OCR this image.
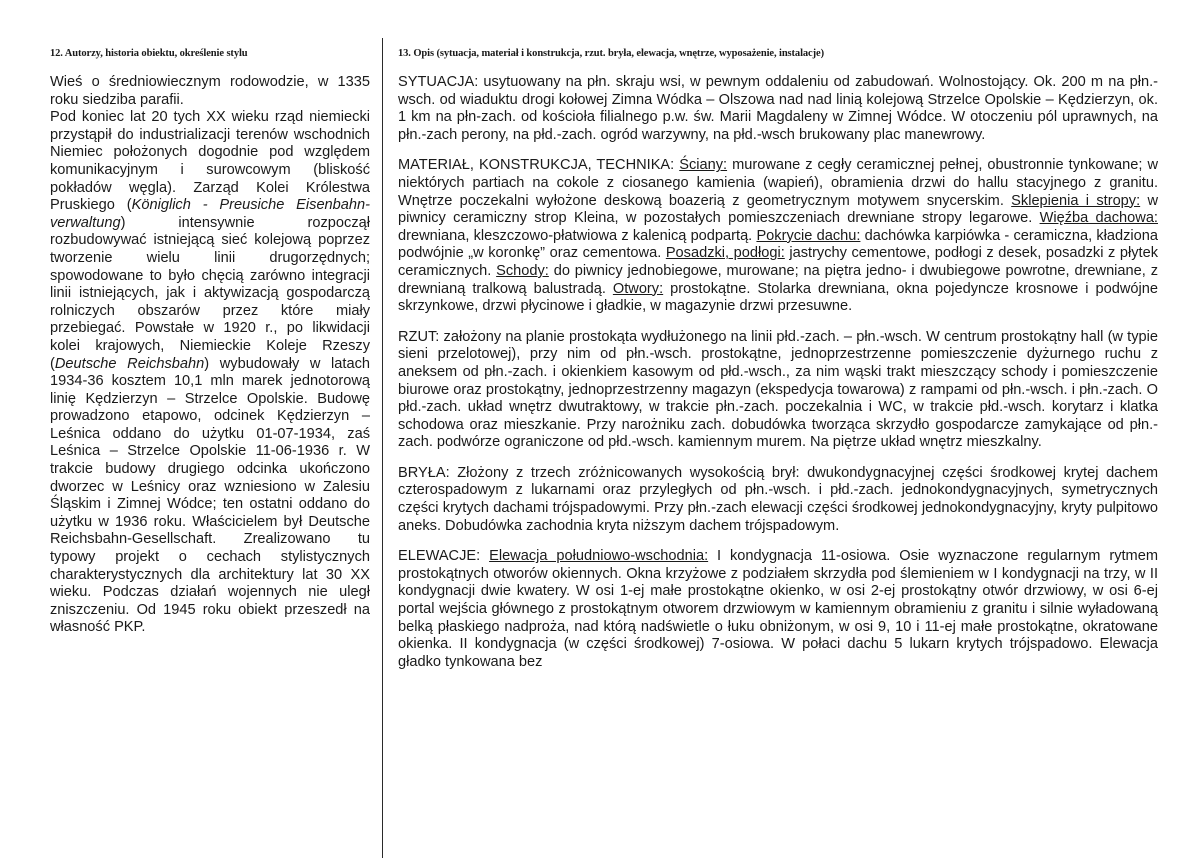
12. Autorzy, historia obiektu, określenie stylu

Wieś o średniowiecznym rodowodzie, w 1335 roku siedziba parafii.
Pod koniec lat 20 tych XX wieku rząd niemiecki przystąpił do industrializacji terenów wschodnich Niemiec położonych dogodnie pod względem komunikacyjnym i surowcowym (bliskość pokładów węgla). Zarząd Kolei Królestwa Pruskiego (Königlich - Preusiche Eisenbahn-verwaltung) intensywnie rozpoczął rozbudowywać istniejącą sieć kolejową poprzez tworzenie wielu linii drugorzędnych; spowodowane to było chęcią zarówno integracji linii istniejących, jak i aktywizacją gospodarczą rolniczych obszarów przez które miały przebiegać. Powstałe w 1920 r., po likwidacji kolei krajowych, Niemieckie Koleje Rzeszy (Deutsche Reichsbahn) wybudowały w latach 1934-36 kosztem 10,1 mln marek jednotorową linię Kędzierzyn – Strzelce Opolskie. Budowę prowadzono etapowo, odcinek Kędzierzyn – Leśnica oddano do użytku 01-07-1934, zaś Leśnica – Strzelce Opolskie 11-06-1936 r. W trakcie budowy drugiego odcinka ukończono dworzec w Leśnicy oraz wzniesiono w Zalesiu Śląskim i Zimnej Wódce; ten ostatni oddano do użytku w 1936 roku. Właścicielem był Deutsche Reichsbahn-Gesellschaft. Zrealizowano tu typowy projekt o cechach stylistycznych charakterystycznych dla architektury lat 30 XX wieku. Podczas działań wojennych nie uległ zniszczeniu. Od 1945 roku obiekt przeszedł na własność PKP.

13. Opis (sytuacja, materiał i konstrukcja, rzut. bryła, elewacja, wnętrze, wyposażenie, instalacje)

SYTUACJA: usytuowany na płn. skraju wsi, w pewnym oddaleniu od zabudowań. Wolnostojący. Ok. 200 m na płn.-wsch. od wiaduktu drogi kołowej Zimna Wódka – Olszowa nad nad linią kolejową Strzelce Opolskie – Kędzierzyn, ok. 1 km na płn-zach. od kościoła filialnego p.w. św. Marii Magdaleny w Zimnej Wódce. W otoczeniu pól uprawnych, na płn.-zach perony, na płd.-zach. ogród warzywny, na płd.-wsch brukowany plac manewrowy.

MATERIAŁ, KONSTRUKCJA, TECHNIKA: Ściany: murowane z cegły ceramicznej pełnej, obustronnie tynkowane; w niektórych partiach na cokole z ciosanego kamienia (wapień), obramienia drzwi do hallu stacyjnego z granitu. Wnętrze poczekalni wyłożone deskową boazerią z geometrycznym motywem snycerskim. Sklepienia i stropy: w piwnicy ceramiczny strop Kleina, w pozostałych pomieszczeniach drewniane stropy legarowe. Więźba dachowa: drewniana, kleszczowo-płatwiowa z kalenicą podpartą. Pokrycie dachu: dachówka karpiówka - ceramiczna, kładziona podwójnie „w koronkę” oraz cementowa. Posadzki, podłogi: jastrychy cementowe, podłogi z desek, posadzki z płytek ceramicznych. Schody: do piwnicy jednobiegowe, murowane; na piętra jedno- i dwubiegowe powrotne, drewniane, z drewnianą tralkową balustradą. Otwory: prostokątne. Stolarka drewniana, okna pojedyncze krosnowe i podwójne skrzynkowe, drzwi płycinowe i gładkie, w magazynie drzwi przesuwne.

RZUT: założony na planie prostokąta wydłużonego na linii płd.-zach. – płn.-wsch. W centrum prostokątny hall (w typie sieni przelotowej), przy nim od płn.-wsch. prostokątne, jednoprzestrzenne pomieszczenie dyżurnego ruchu z aneksem od płn.-zach. i okienkiem kasowym od płd.-wsch., za nim wąski trakt mieszczący schody i pomieszczenie biurowe oraz prostokątny, jednoprzestrzenny magazyn (ekspedycja towarowa) z rampami od płn.-wsch. i płn.-zach. O płd.-zach. układ wnętrz dwutraktowy, w trakcie płn.-zach. poczekalnia i WC, w trakcie płd.-wsch. korytarz i klatka schodowa oraz mieszkanie. Przy narożniku zach. dobudówka tworząca skrzydło gospodarcze zamykające od płn.-zach. podwórze ograniczone od płd.-wsch. kamiennym murem. Na piętrze układ wnętrz mieszkalny.

BRYŁA: Złożony z trzech zróżnicowanych wysokością brył: dwukondygnacyjnej części środkowej krytej dachem czterospadowym z lukarnami oraz przyległych od płn.-wsch. i płd.-zach. jednokondygnacyjnych, symetrycznych części krytych dachami trójspadowymi. Przy płn.-zach elewacji części środkowej jednokondygnacyjny, kryty pulpitowo aneks. Dobudówka zachodnia kryta niższym dachem trójspadowym.

ELEWACJE: Elewacja południowo-wschodnia: I kondygnacja 11-osiowa. Osie wyznaczone regularnym rytmem prostokątnych otworów okiennych. Okna krzyżowe z podziałem skrzydła pod ślemieniem w I kondygnacji na trzy, w II kondygnacji dwie kwatery. W osi 1-ej małe prostokątne okienko, w osi 2-ej prostokątny otwór drzwiowy, w osi 6-ej portal wejścia głównego z prostokątnym otworem drzwiowym w kamiennym obramieniu z granitu i silnie wyładowaną belką płaskiego nadproża, nad którą nadświetle o łuku obniżonym, w osi 9, 10 i 11-ej małe prostokątne, okratowane okienka. II kondygnacja (w części środkowej) 7-osiowa. W połaci dachu 5 lukarn krytych trójspadowo. Elewacja gładko tynkowana bez
